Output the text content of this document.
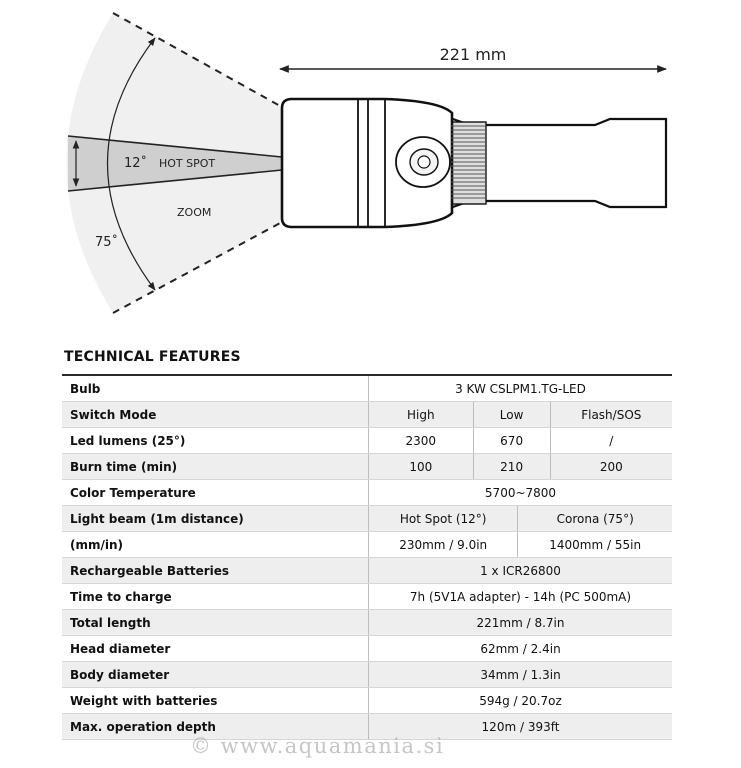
221 mm
12˚ HOT SPOT
ZOOM
75˚
TECHNICAL FEATURES
Bulb	3 KW CSLPM1.TG-LED			
Switch Mode	High	Low		Flash/SOS
Led lumens (25°)	2300	670		/
Burn time (min)	100	210		200
Color Temperature	5700~7800			
Light beam (1m distance)	Hot Spot (12°)		Corona (75°)	
(mm/in)	230mm / 9.0in		1400mm / 55in	
Rechargeable Batteries	1 x ICR26800			
Time to charge	7h (5V1A adapter) - 14h (PC 500mA)			
Total length	221mm / 8.7in			
Head diameter	62mm / 2.4in			
Body diameter	34mm / 1.3in			
Weight with batteries	594g / 20.7oz			
Max. operation depth	120m / 393ft			
© www.aquamania.si
